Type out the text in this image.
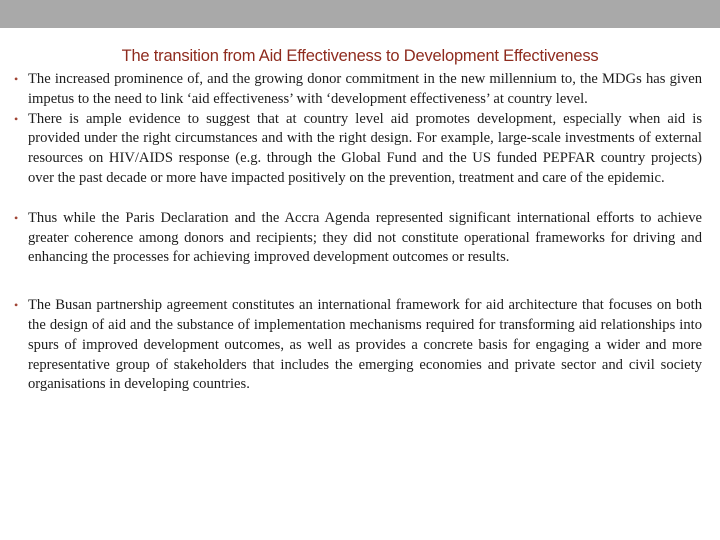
The transition from Aid Effectiveness to Development Effectiveness
• The increased prominence of, and the growing donor commitment in the new millennium to, the MDGs has given impetus to the need to link ‘aid effectiveness’ with ‘development effectiveness’ at country level.
• There is ample evidence to suggest that at country level aid promotes development, especially when aid is provided under the right circumstances and with the right design. For example, large-scale investments of external resources on HIV/AIDS response (e.g. through the Global Fund and the US funded PEPFAR country projects) over the past decade or more have impacted positively on the prevention, treatment and care of the epidemic.
• Thus while the Paris Declaration and the Accra Agenda represented significant international efforts to achieve greater coherence among donors and recipients; they did not constitute operational frameworks for driving and enhancing the processes for achieving improved development outcomes or results.
• The Busan partnership agreement constitutes an international framework for aid architecture that focuses on both the design of aid and the substance of implementation mechanisms required for transforming aid relationships into spurs of improved development outcomes, as well as provides a concrete basis for engaging a wider and more representative group of stakeholders that includes the emerging economies and private sector and civil society organisations in developing countries.
